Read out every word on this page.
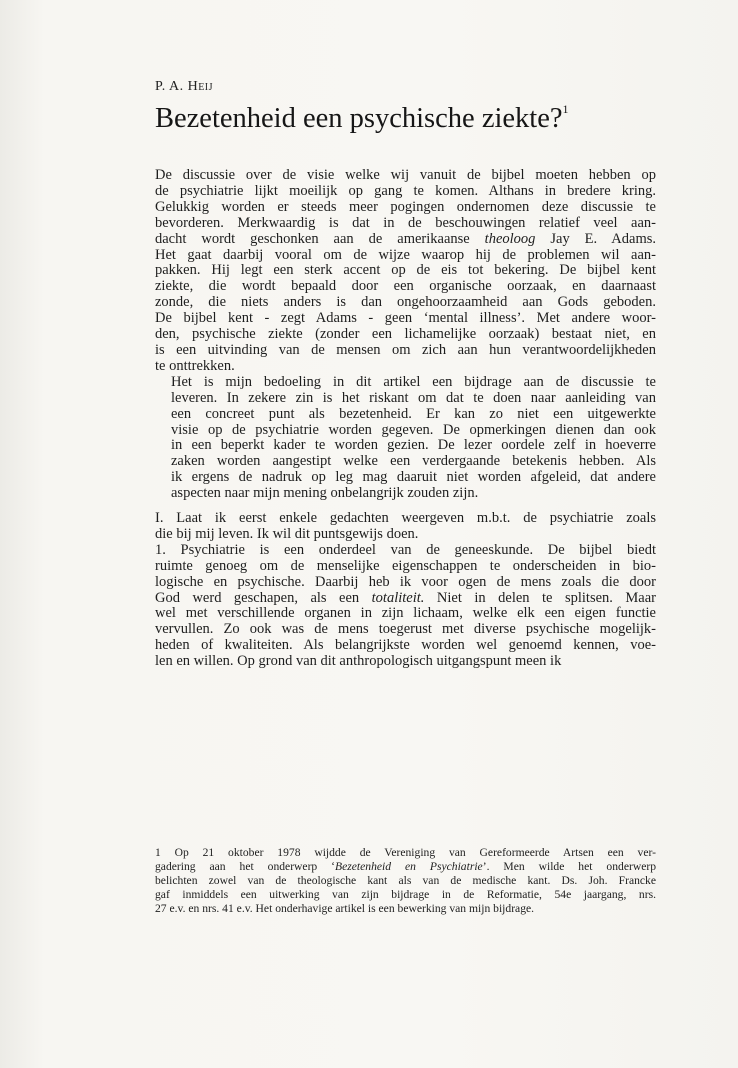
P. A. Heij
Bezetenheid een psychische ziekte?$^1$

De discussie over de visie welke wij vanuit de bijbel moeten hebben op
de psychiatrie lijkt moeilijk op gang te komen. Althans in bredere kring.
Gelukkig worden er steeds meer pogingen ondernomen deze discussie te
bevorderen. Merkwaardig is dat in de beschouwingen relatief veel aan-
dacht wordt geschonken aan de amerikaanse theoloog Jay E. Adams.
Het gaat daarbij vooral om de wijze waarop hij de problemen wil aan-
pakken. Hij legt een sterk accent op de eis tot bekering. De bijbel kent
ziekte, die wordt bepaald door een organische oorzaak, en daarnaast
zonde, die niets anders is dan ongehoorzaamheid aan Gods geboden.
De bijbel kent - zegt Adams - geen ‘mental illness’. Met andere woor-
den, psychische ziekte (zonder een lichamelijke oorzaak) bestaat niet, en
is een uitvinding van de mensen om zich aan hun verantwoordelijkheden
te onttrekken.

Het is mijn bedoeling in dit artikel een bijdrage aan de discussie te
leveren. In zekere zin is het riskant om dat te doen naar aanleiding van
een concreet punt als bezetenheid. Er kan zo niet een uitgewerkte
visie op de psychiatrie worden gegeven. De opmerkingen dienen dan ook
in een beperkt kader te worden gezien. De lezer oordele zelf in hoeverre
zaken worden aangestipt welke een verdergaande betekenis hebben. Als
ik ergens de nadruk op leg mag daaruit niet worden afgeleid, dat andere
aspecten naar mijn mening onbelangrijk zouden zijn.

I. Laat ik eerst enkele gedachten weergeven m.b.t. de psychiatrie zoals
die bij mij leven. Ik wil dit puntsgewijs doen.

1. Psychiatrie is een onderdeel van de geneeskunde. De bijbel biedt
ruimte genoeg om de menselijke eigenschappen te onderscheiden in bio-
logische en psychische. Daarbij heb ik voor ogen de mens zoals die door
God werd geschapen, als een totaliteit. Niet in delen te splitsen. Maar
wel met verschillende organen in zijn lichaam, welke elk een eigen functie
vervullen. Zo ook was de mens toegerust met diverse psychische mogelijk-
heden of kwaliteiten. Als belangrijkste worden wel genoemd kennen, voe-
len en willen. Op grond van dit anthropologisch uitgangspunt meen ik

1 Op 21 oktober 1978 wijdde de Vereniging van Gereformeerde Artsen een ver-
gadering aan het onderwerp ‘Bezetenheid en Psychiatrie’. Men wilde het onderwerp
belichten zowel van de theologische kant als van de medische kant. Ds. Joh. Francke
gaf inmiddels een uitwerking van zijn bijdrage in de Reformatie, 54e jaargang, nrs.
27 e.v. en nrs. 41 e.v. Het onderhavige artikel is een bewerking van mijn bijdrage.
